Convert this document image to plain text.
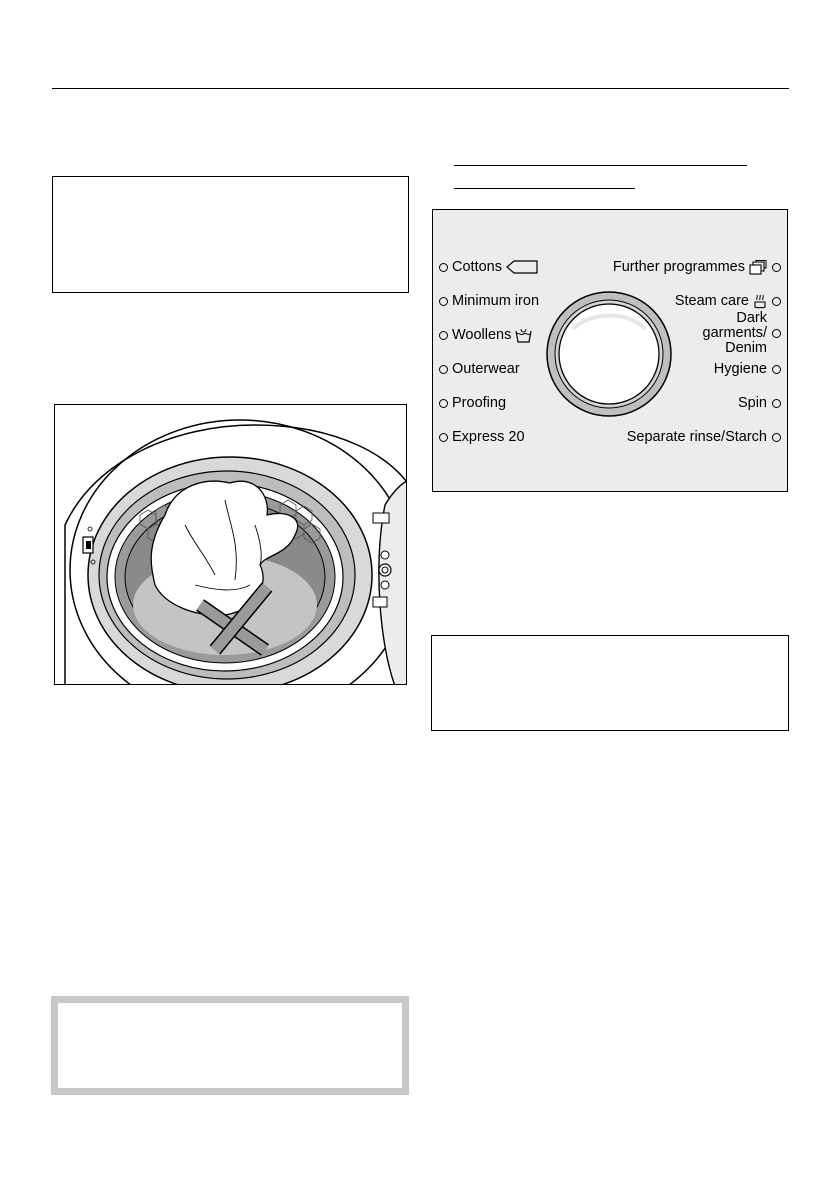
Cottons
Minimum iron
Woollens
Outerwear
Proofing
Express 20
Further programmes
Steam care
Dark
garments/
Denim
Hygiene
Spin
Separate rinse/Starch
